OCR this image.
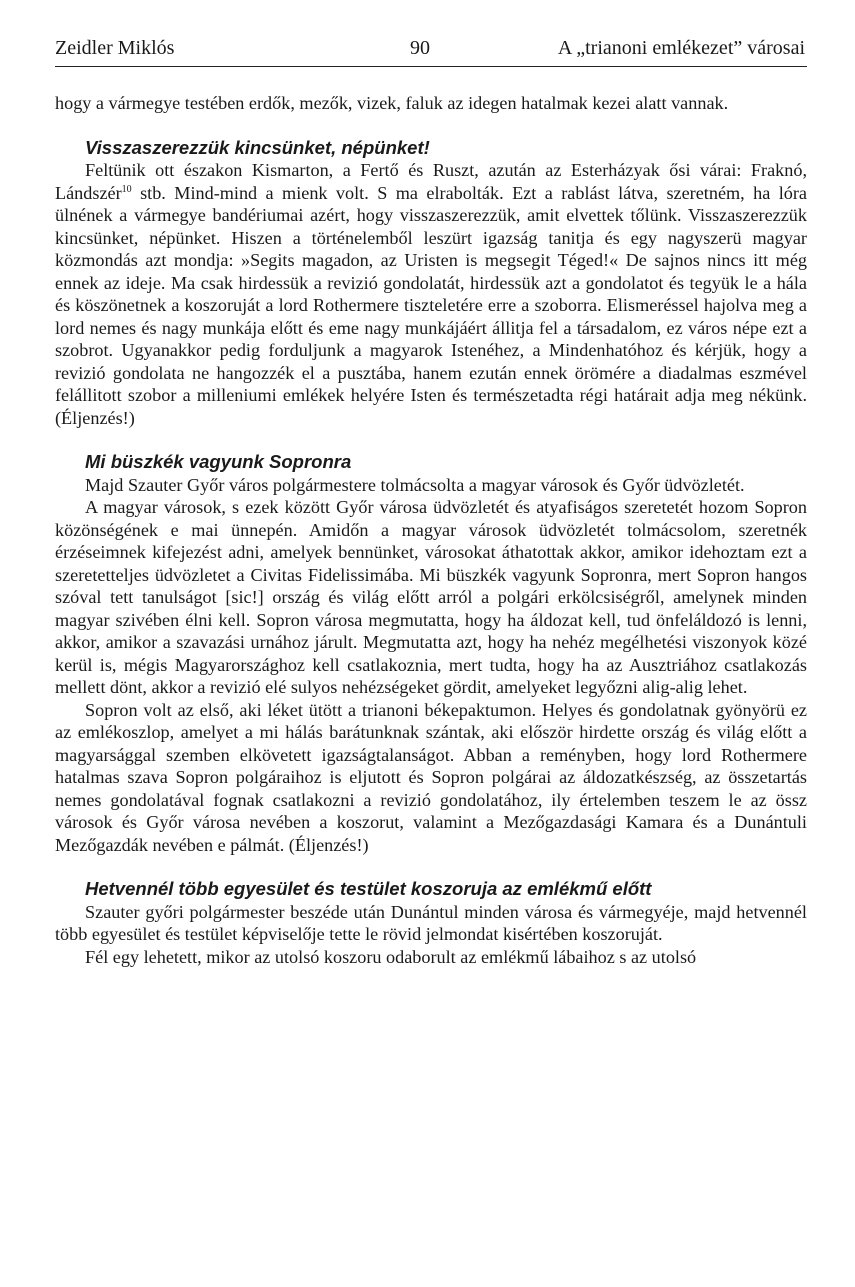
Zeidler Miklós	90	A „trianoni emlékezet” városai

hogy a vármegye testében erdők, mezők, vizek, faluk az idegen hatalmak kezei alatt vannak.

Visszaszerezzük kincsünket, népünket!

Feltünik ott északon Kismarton, a Fertő és Ruszt, azután az Esterházyak ősi várai: Fraknó, Lándszér$^{10}$ stb. Mind-mind a mienk volt. S ma elrabolták. Ezt a rablást látva, szeretném, ha lóra ülnének a vármegye bandériumai azért, hogy visszaszerezzük, amit elvettek tőlünk. Visszaszerezzük kincsünket, népünket. Hiszen a történelemből leszürt igazság tanitja és egy nagyszerü magyar közmondás azt mondja: »Segits magadon, az Uristen is megsegit Téged!« De sajnos nincs itt még ennek az ideje. Ma csak hirdessük a revizió gondolatát, hirdessük azt a gondolatot és tegyük le a hála és köszönetnek a koszoruját a lord Rothermere tiszteletére erre a szoborra. Elismeréssel hajolva meg a lord nemes és nagy munkája előtt és eme nagy munkájáért állitja fel a társadalom, ez város népe ezt a szobrot. Ugyanakkor pedig forduljunk a magyarok Istenéhez, a Mindenhatóhoz és kérjük, hogy a revizió gondolata ne hangozzék el a pusztába, hanem ezután ennek örömére a diadalmas eszmével felállitott szobor a milleniumi emlékek helyére Isten és természetadta régi határait adja meg nékünk. (Éljenzés!)

Mi büszkék vagyunk Sopronra

Majd Szauter Győr város polgármestere tolmácsolta a magyar városok és Győr üdvözletét.

A magyar városok, s ezek között Győr városa üdvözletét és atyafiságos szeretetét hozom Sopron közönségének e mai ünnepén. Amidőn a magyar városok üdvözletét tolmácsolom, szeretnék érzéseimnek kifejezést adni, amelyek bennünket, városokat áthatottak akkor, amikor idehoztam ezt a szeretetteljes üdvözletet a Civitas Fidelissimába. Mi büszkék vagyunk Sopronra, mert Sopron hangos szóval tett tanulságot [sic!] ország és világ előtt arról a polgári erkölcsiségről, amelynek minden magyar szivében élni kell. Sopron városa megmutatta, hogy ha áldozat kell, tud önfeláldozó is lenni, akkor, amikor a szavazási urnához járult. Megmutatta azt, hogy ha nehéz megélhetési viszonyok közé kerül is, mégis Magyarországhoz kell csatlakoznia, mert tudta, hogy ha az Ausztriához csatlakozás mellett dönt, akkor a revizió elé sulyos nehézségeket gördit, amelyeket legyőzni alig-alig lehet.

Sopron volt az első, aki léket ütött a trianoni békepaktumon. Helyes és gondolatnak gyönyörü ez az emlékoszlop, amelyet a mi hálás barátunknak szántak, aki először hirdette ország és világ előtt a magyarsággal szemben elkövetett igazságtalanságot. Abban a reményben, hogy lord Rothermere hatalmas szava Sopron polgáraihoz is eljutott és Sopron polgárai az áldozatkészség, az összetartás nemes gondolatával fognak csatlakozni a revizió gondolatához, ily értelemben teszem le az össz városok és Győr városa nevében a koszorut, valamint a Mezőgazdasági Kamara és a Dunántuli Mezőgazdák nevében e pálmát. (Éljenzés!)

Hetvennél több egyesület és testület koszoruja az emlékmű előtt

Szauter győri polgármester beszéde után Dunántul minden városa és vármegyéje, majd hetvennél több egyesület és testület képviselője tette le rövid jelmondat kisértében koszoruját.

Fél egy lehetett, mikor az utolsó koszoru odaborult az emlékmű lábaihoz s az utolsó
